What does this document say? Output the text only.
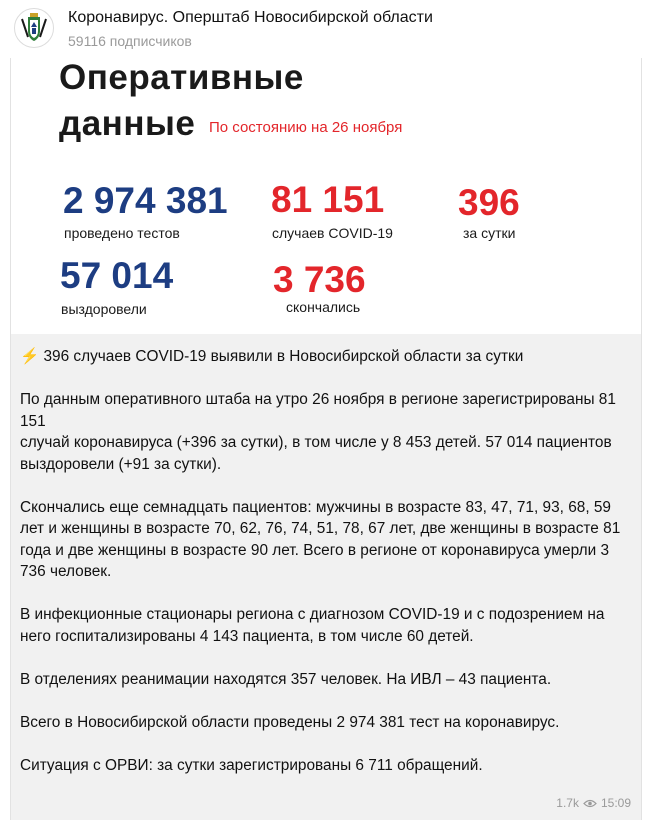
Коронавирус. Оперштаб Новосибирской области
59116 подписчиков
Оперативные
данные По состоянию на 26 ноября
2 974 381
проведено тестов
81 151
случаев COVID-19
396
за сутки
57 014
выздоровели
3 736
скончались

⚡ 396 случаев COVID-19 выявили в Новосибирской области за сутки

По данным оперативного штаба на утро 26 ноября в регионе зарегистрированы 81 151
случай коронавируса (+396 за сутки), в том числе у 8 453 детей. 57 014 пациентов выздоровели (+91 за сутки).

Скончались еще семнадцать пациентов: мужчины в возрасте 83, 47, 71, 93, 68, 59 лет и женщины в возрасте 70, 62, 76, 74, 51, 78, 67 лет, две женщины в возрасте 81 года и две женщины в возрасте 90 лет. Всего в регионе от коронавируса умерли 3 736 человек.

В инфекционные стационары региона с диагнозом COVID-19 и с подозрением на него госпитализированы 4 143 пациента, в том числе 60 детей.

В отделениях реанимации находятся 357 человек. На ИВЛ – 43 пациента.

Всего в Новосибирской области проведены 2 974 381 тест на коронавирус.

Ситуация с ОРВИ: за сутки зарегистрированы 6 711 обращений.

1.7k 15:09
